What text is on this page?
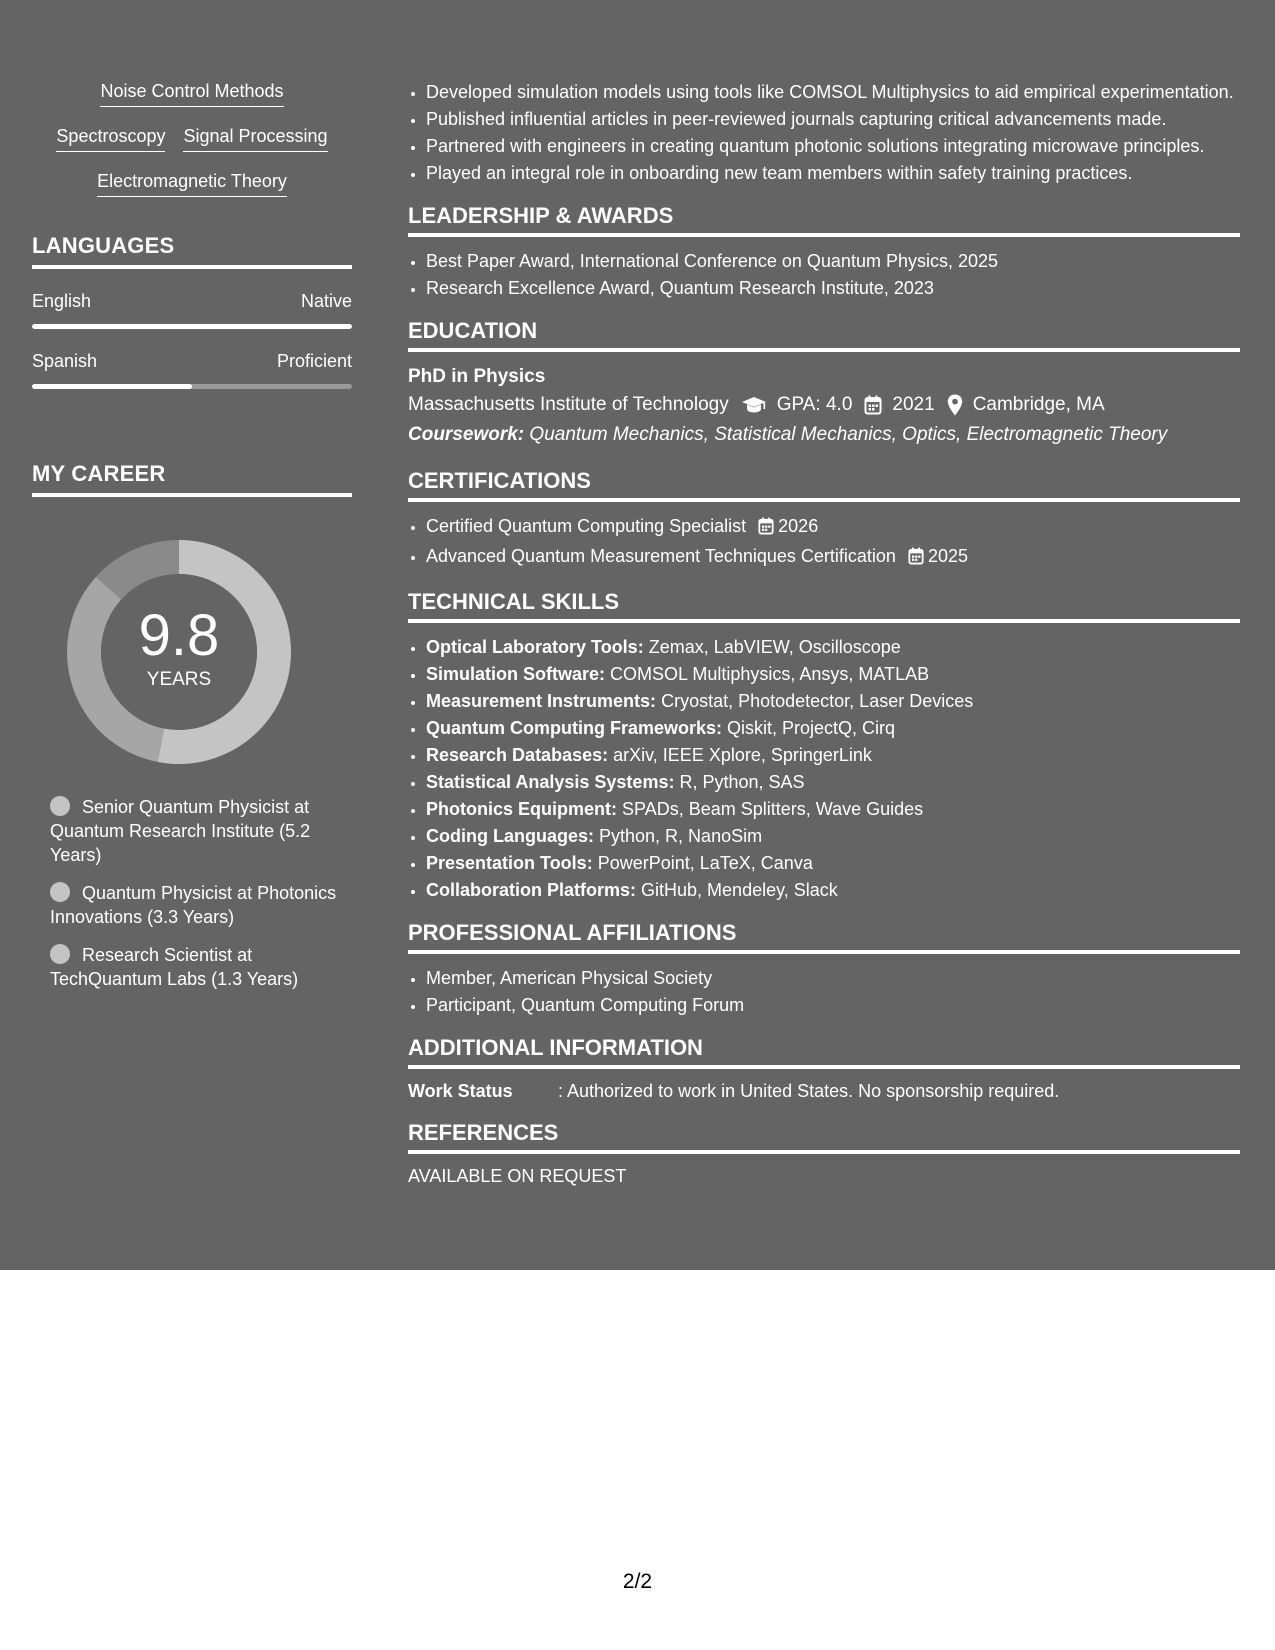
Noise Control Methods
Spectroscopy Signal Processing
Electromagnetic Theory
LANGUAGES
English	Native
Spanish	Proficient
MY CAREER
9.8
YEARS
Senior Quantum Physicist at Quantum Research Institute (5.2 Years)
Quantum Physicist at Photonics Innovations (3.3 Years)
Research Scientist at TechQuantum Labs (1.3 Years)
• Developed simulation models using tools like COMSOL Multiphysics to aid empirical experimentation.
• Published influential articles in peer-reviewed journals capturing critical advancements made.
• Partnered with engineers in creating quantum photonic solutions integrating microwave principles.
• Played an integral role in onboarding new team members within safety training practices.
LEADERSHIP & AWARDS
• Best Paper Award, International Conference on Quantum Physics, 2025
• Research Excellence Award, Quantum Research Institute, 2023
EDUCATION
PhD in Physics
Massachusetts Institute of Technology	GPA: 4.0 2021 Cambridge, MA
Coursework: Quantum Mechanics, Statistical Mechanics, Optics, Electromagnetic Theory
CERTIFICATIONS
• Certified Quantum Computing Specialist 2026
• Advanced Quantum Measurement Techniques Certification 2025
TECHNICAL SKILLS
• Optical Laboratory Tools: Zemax, LabVIEW, Oscilloscope
• Simulation Software: COMSOL Multiphysics, Ansys, MATLAB
• Measurement Instruments: Cryostat, Photodetector, Laser Devices
• Quantum Computing Frameworks: Qiskit, ProjectQ, Cirq
• Research Databases: arXiv, IEEE Xplore, SpringerLink
• Statistical Analysis Systems: R, Python, SAS
• Photonics Equipment: SPADs, Beam Splitters, Wave Guides
• Coding Languages: Python, R, NanoSim
• Presentation Tools: PowerPoint, LaTeX, Canva
• Collaboration Platforms: GitHub, Mendeley, Slack
PROFESSIONAL AFFILIATIONS
• Member, American Physical Society
• Participant, Quantum Computing Forum
ADDITIONAL INFORMATION
Work Status	: Authorized to work in United States. No sponsorship required.
REFERENCES
AVAILABLE ON REQUEST
2/2
